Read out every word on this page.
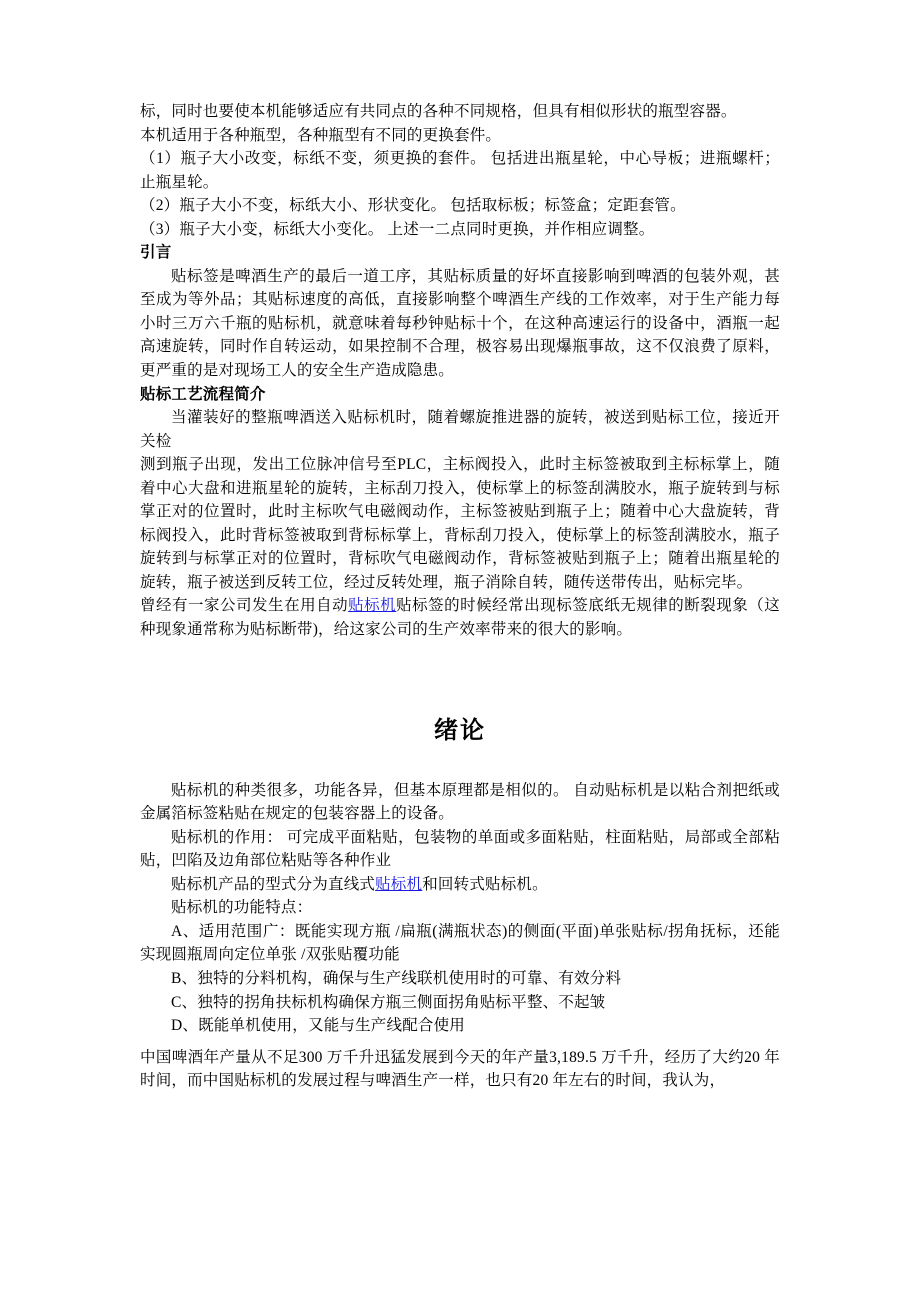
标，同时也要使本机能够适应有共同点的各种不同规格，但具有相似形状的瓶型容器。

本机适用于各种瓶型，各种瓶型有不同的更换套件。

（1）瓶子大小改变，标纸不变，须更换的套件。 包括进出瓶星轮，中心导板；进瓶螺杆；止瓶星轮。

（2）瓶子大小不变，标纸大小、形状变化。 包括取标板；标签盒；定距套管。

（3）瓶子大小变，标纸大小变化。 上述一二点同时更换，并作相应调整。

引言

贴标签是啤酒生产的最后一道工序，其贴标质量的好坏直接影响到啤酒的包装外观，甚至成为等外品；其贴标速度的高低，直接影响整个啤酒生产线的工作效率，对于生产能力每小时三万六千瓶的贴标机，就意味着每秒钟贴标十个，在这种高速运行的设备中，酒瓶一起高速旋转，同时作自转运动，如果控制不合理，极容易出现爆瓶事故，这不仅浪费了原料，更严重的是对现场工人的安全生产造成隐患。

贴标工艺流程简介

当灌装好的整瓶啤酒送入贴标机时，随着螺旋推进器的旋转，被送到贴标工位，接近开关检

测到瓶子出现，发出工位脉冲信号至PLC，主标阀投入，此时主标签被取到主标标掌上，随着中心大盘和进瓶星轮的旋转，主标刮刀投入，使标掌上的标签刮满胶水，瓶子旋转到与标掌正对的位置时，此时主标吹气电磁阀动作，主标签被贴到瓶子上；随着中心大盘旋转，背标阀投入，此时背标签被取到背标标掌上，背标刮刀投入，使标掌上的标签刮满胶水，瓶子旋转到与标掌正对的位置时，背标吹气电磁阀动作，背标签被贴到瓶子上；随着出瓶星轮的旋转，瓶子被送到反转工位，经过反转处理，瓶子消除自转，随传送带传出，贴标完毕。

曾经有一家公司发生在用自动贴标机贴标签的时候经常出现标签底纸无规律的断裂现象（这种现象通常称为贴标断带)，给这家公司的生产效率带来的很大的影响。

绪论

贴标机的种类很多，功能各异，但基本原理都是相似的。 自动贴标机是以粘合剂把纸或金属箔标签粘贴在规定的包装容器上的设备。

贴标机的作用： 可完成平面粘贴，包装物的单面或多面粘贴，柱面粘贴，局部或全部粘贴，凹陷及边角部位粘贴等各种作业

贴标机产品的型式分为直线式贴标机和回转式贴标机。

贴标机的功能特点：

A、适用范围广：既能实现方瓶 /扁瓶(满瓶状态)的侧面(平面)单张贴标/拐角抚标，还能实现圆瓶周向定位单张 /双张贴覆功能

B、独特的分料机构，确保与生产线联机使用时的可靠、有效分料

C、独特的拐角扶标机构确保方瓶三侧面拐角贴标平整、不起皱

D、既能单机使用，又能与生产线配合使用

中国啤酒年产量从不足300 万千升迅猛发展到今天的年产量3,189.5 万千升，经历了大约20 年时间，而中国贴标机的发展过程与啤酒生产一样，也只有20 年左右的时间，我认为，
